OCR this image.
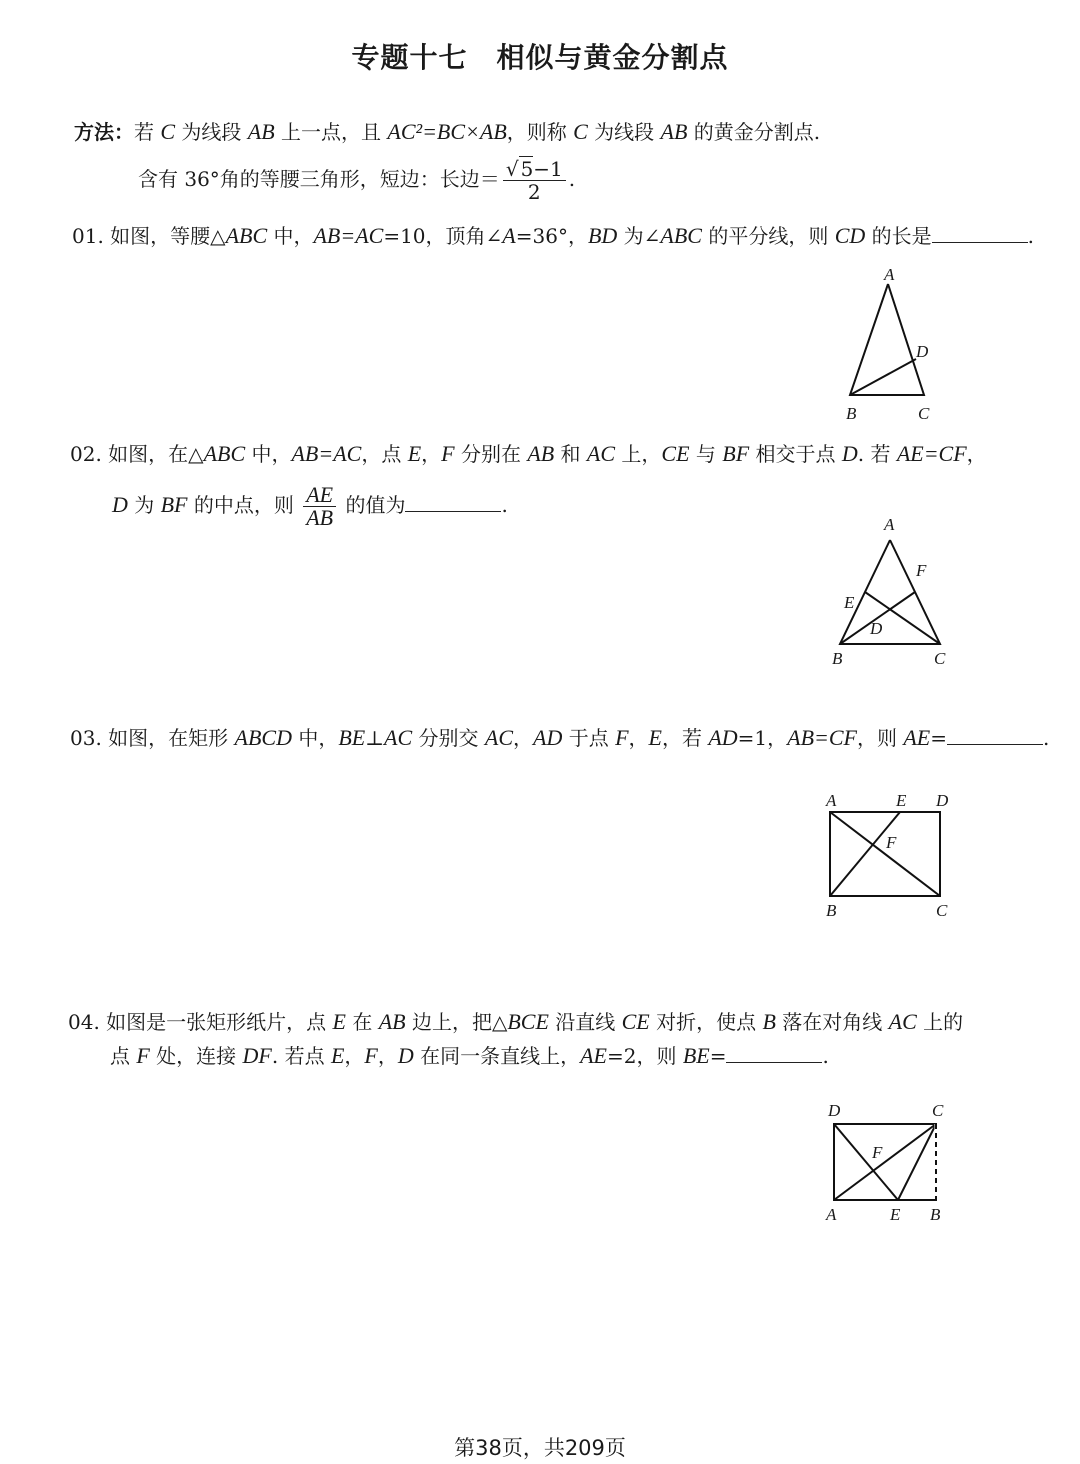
专题十七　相似与黄金分割点
方法：若 C 为线段 AB 上一点，且 AC²=BC×AB，则称 C 为线段 AB 的黄金分割点.
含有 36°角的等腰三角形，短边：长边＝ $\frac{√ 5-1}{2}$ .
01. 如图，等腰△ABC 中，AB=AC=10，顶角∠A=36°，BD 为∠ABC 的平分线，则 CD 的长是	.
A
D
B	C
02. 如图，在△ABC 中，AB=AC，点 E，F 分别在 AB 和 AC 上，CE 与 BF 相交于点 D. 若 AE=CF，
D 为 BF 的中点，则 $\frac{AE}{AB}$ 的值为	.
A
F
E
D
B	C
03. 如图，在矩形 ABCD 中，BE⊥AC 分别交 AC，AD 于点 F，E，若 AD=1，AB=CF，则 AE=	.
A	E D
F
B	C
04. 如图是一张矩形纸片，点 E 在 AB 边上，把△BCE 沿直线 CE 对折，使点 B 落在对角线 AC 上的
点 F 处，连接 DF. 若点 E，F，D 在同一条直线上，AE=2，则 BE=	.
D	C
F
A	E B
第38页，共209页
